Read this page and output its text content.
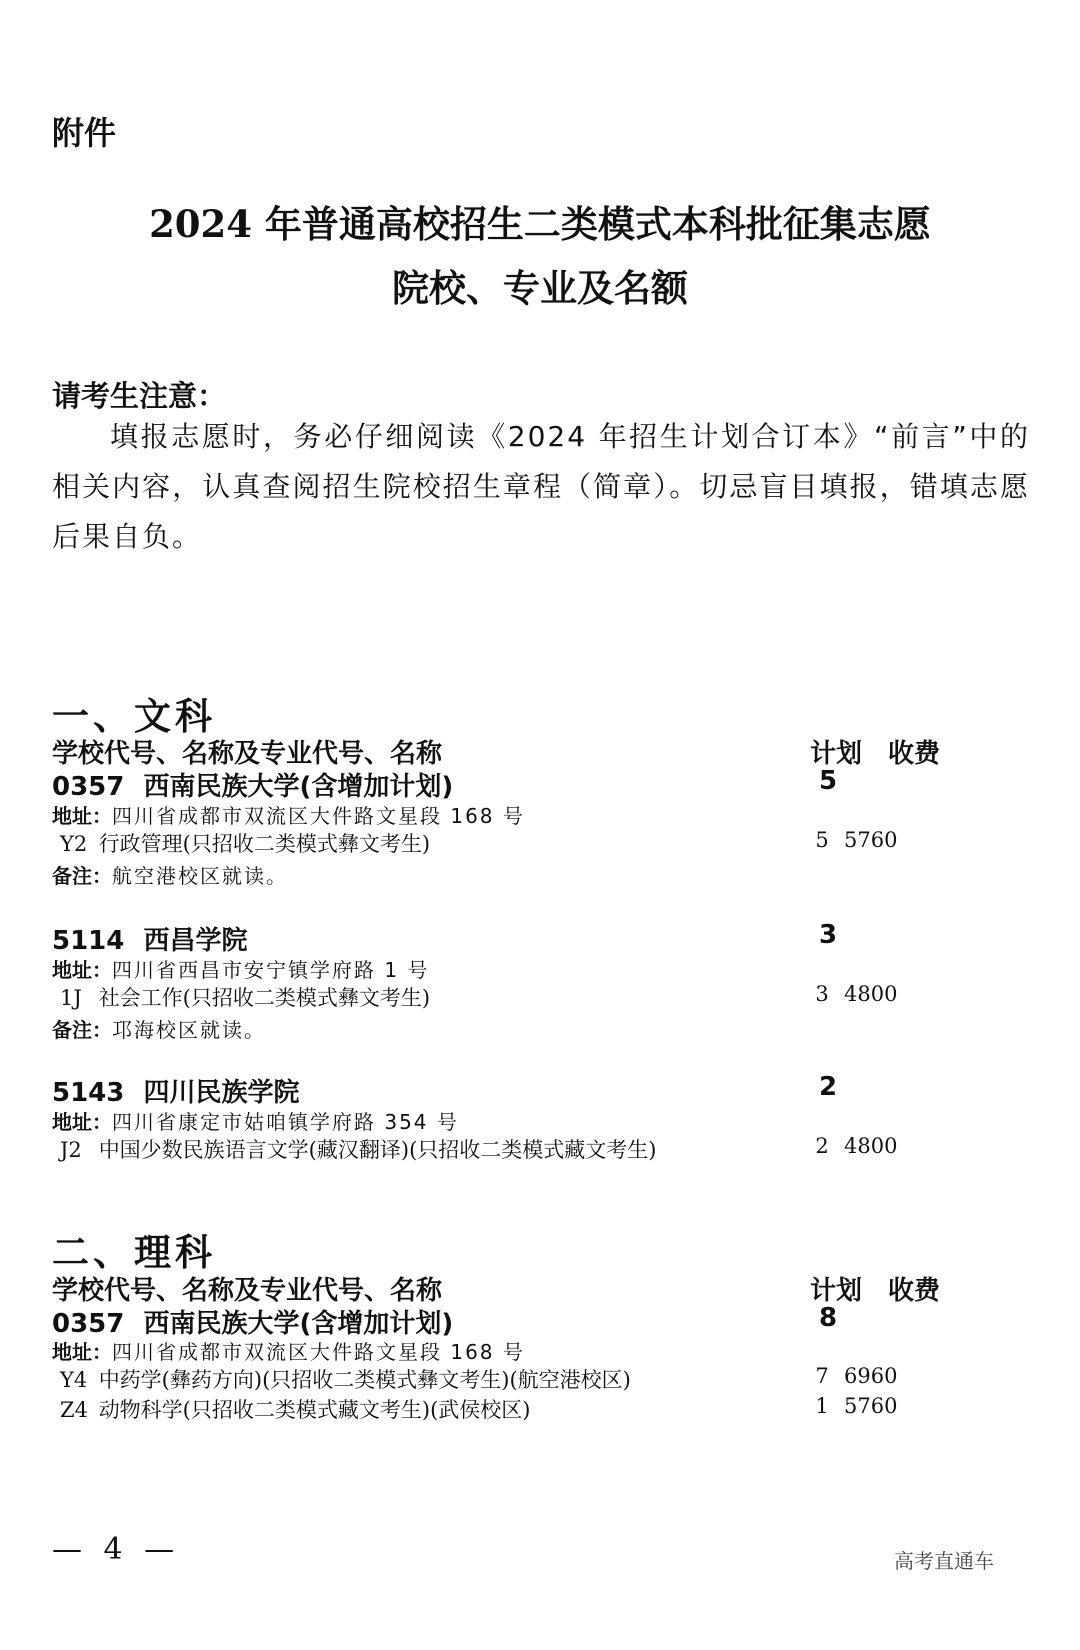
附件
2024 年普通高校招生二类模式本科批征集志愿
院校、专业及名额
请考生注意：
填报志愿时，务必仔细阅读《2024 年招生计划合订本》“前言”中的相关内容，认真查阅招生院校招生章程（简章）。切忌盲目填报，错填志愿后果自负。
一、文科
学校代号、名称及专业代号、名称	计划 收费
0357 西南民族大学(含增加计划)	5
地址：四川省成都市双流区大件路文星段 168 号
Y2 行政管理(只招收二类模式彝文考生)	5 5760
备注：航空港校区就读。
5114 西昌学院	3
地址：四川省西昌市安宁镇学府路 1 号
1J 社会工作(只招收二类模式彝文考生)	3 4800
备注：邛海校区就读。
5143 四川民族学院	2
地址：四川省康定市姑咱镇学府路 354 号
J2 中国少数民族语言文学(藏汉翻译)(只招收二类模式藏文考生)	2 4800
二、理科
学校代号、名称及专业代号、名称	计划 收费
0357 西南民族大学(含增加计划)	8
地址：四川省成都市双流区大件路文星段 168 号
Y4 中药学(彝药方向)(只招收二类模式彝文考生)(航空港校区)	7 6960
Z4 动物科学(只招收二类模式藏文考生)(武侯校区)	1 5760
— 4 —	高考直通车
